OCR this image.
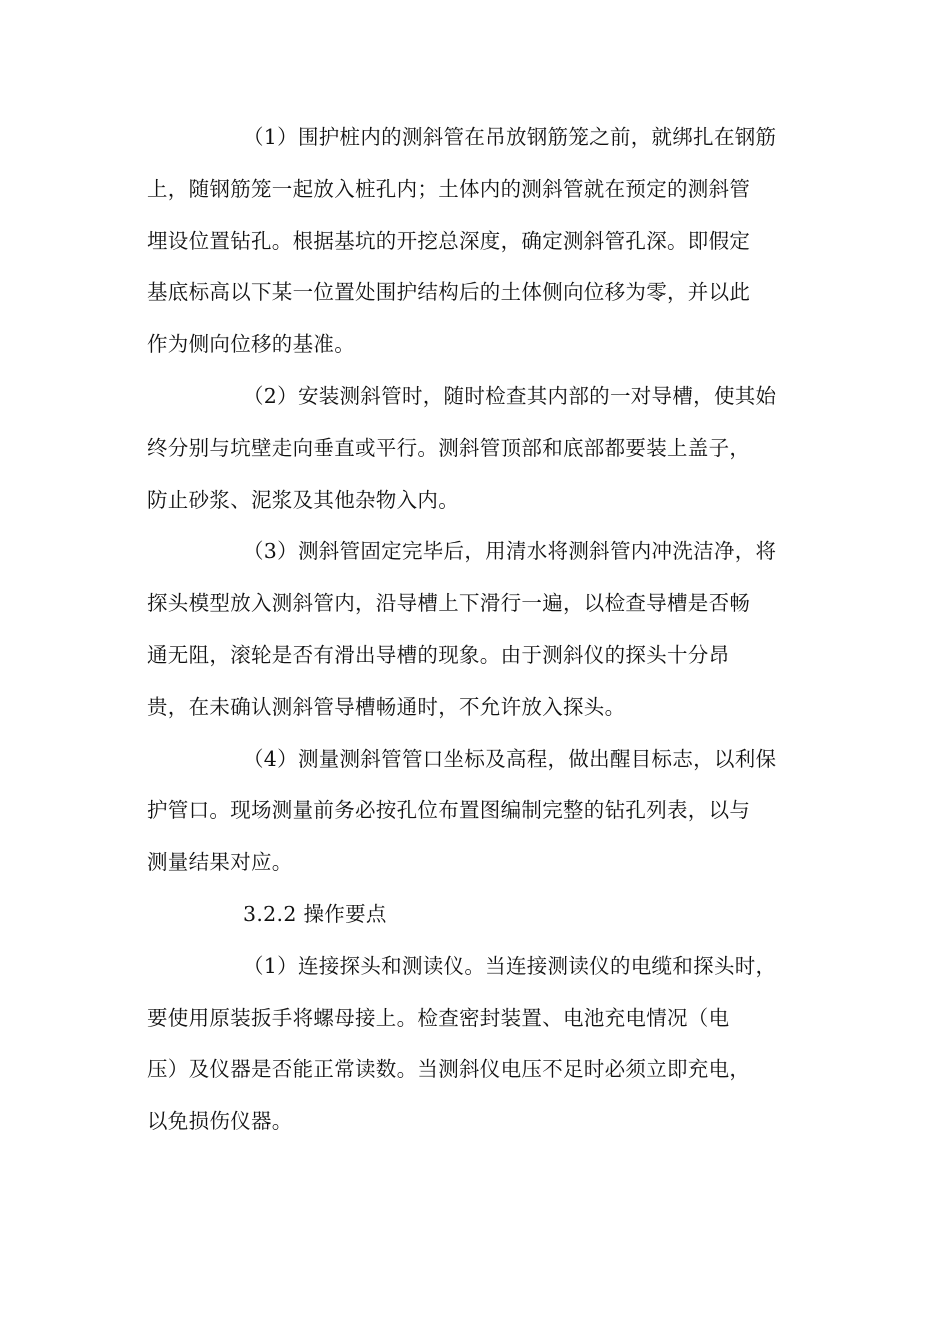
（1）围护桩内的测斜管在吊放钢筋笼之前，就绑扎在钢筋
上，随钢筋笼一起放入桩孔内；土体内的测斜管就在预定的测斜管
埋设位置钻孔。根据基坑的开挖总深度，确定测斜管孔深。即假定
基底标高以下某一位置处围护结构后的土体侧向位移为零，并以此
作为侧向位移的基准。
（2）安装测斜管时，随时检查其内部的一对导槽，使其始
终分别与坑壁走向垂直或平行。测斜管顶部和底部都要装上盖子，
防止砂浆、泥浆及其他杂物入内。
（3）测斜管固定完毕后，用清水将测斜管内冲洗洁净，将
探头模型放入测斜管内，沿导槽上下滑行一遍，以检查导槽是否畅
通无阻，滚轮是否有滑出导槽的现象。由于测斜仪的探头十分昂
贵，在未确认测斜管导槽畅通时，不允许放入探头。
（4）测量测斜管管口坐标及高程，做出醒目标志，以利保
护管口。现场测量前务必按孔位布置图编制完整的钻孔列表，以与
测量结果对应。
3.2.2 操作要点
（1）连接探头和测读仪。当连接测读仪的电缆和探头时，
要使用原装扳手将螺母接上。检查密封装置、电池充电情况（电
压）及仪器是否能正常读数。当测斜仪电压不足时必须立即充电，
以免损伤仪器。
